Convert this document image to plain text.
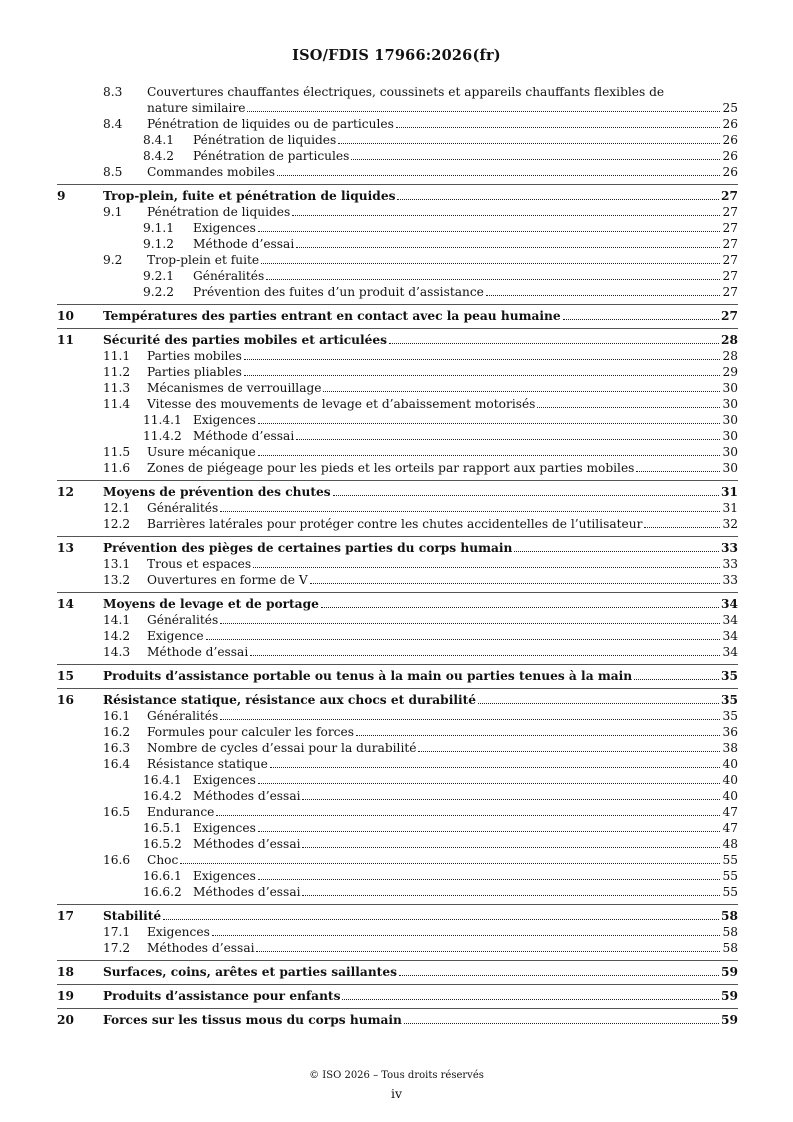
ISO/FDIS 17966:2026(fr)
8.3 Couvertures chauffantes électriques, coussinets et appareils chauffants flexibles de
nature similaire	25
8.4 Pénétration de liquides ou de particules	26
8.4.1 Pénétration de liquides	26
8.4.2 Pénétration de particules	26
8.5 Commandes mobiles	26
9	Trop-plein, fuite et pénétration de liquides	27
9.1 Pénétration de liquides	27
9.1.1 Exigences	27
9.1.2 Méthode d’essai	27
9.2 Trop-plein et fuite	27
9.2.1 Généralités	27
9.2.2 Prévention des fuites d’un produit d’assistance	27
10 Températures des parties entrant en contact avec la peau humaine	27
11 Sécurité des parties mobiles et articulées	28
11.1 Parties mobiles	28
11.2 Parties pliables	29
11.3 Mécanismes de verrouillage	30
11.4 Vitesse des mouvements de levage et d’abaissement motorisés	30
11.4.1 Exigences	30
11.4.2 Méthode d’essai	30
11.5 Usure mécanique	30
11.6 Zones de piégeage pour les pieds et les orteils par rapport aux parties mobiles	30
12 Moyens de prévention des chutes	31
12.1 Généralités	31
12.2 Barrières latérales pour protéger contre les chutes accidentelles de l’utilisateur	32
13 Prévention des pièges de certaines parties du corps humain	33
13.1 Trous et espaces	33
13.2 Ouvertures en forme de V	33
14 Moyens de levage et de portage	34
14.1 Généralités	34
14.2 Exigence	34
14.3 Méthode d’essai	34
15 Produits d’assistance portable ou tenus à la main ou parties tenues à la main	35
16 Résistance statique, résistance aux chocs et durabilité	35
16.1 Généralités	35
16.2 Formules pour calculer les forces	36
16.3 Nombre de cycles d’essai pour la durabilité	38
16.4 Résistance statique	40
16.4.1 Exigences	40
16.4.2 Méthodes d’essai	40
16.5 Endurance	47
16.5.1 Exigences	47
16.5.2 Méthodes d’essai	48
16.6 Choc	55
16.6.1 Exigences	55
16.6.2 Méthodes d’essai	55
17 Stabilité	58
17.1 Exigences	58
17.2 Méthodes d’essai	58
18 Surfaces, coins, arêtes et parties saillantes	59
19 Produits d’assistance pour enfants	59
20 Forces sur les tissus mous du corps humain	59
© ISO 2026 – Tous droits réservés
iv
